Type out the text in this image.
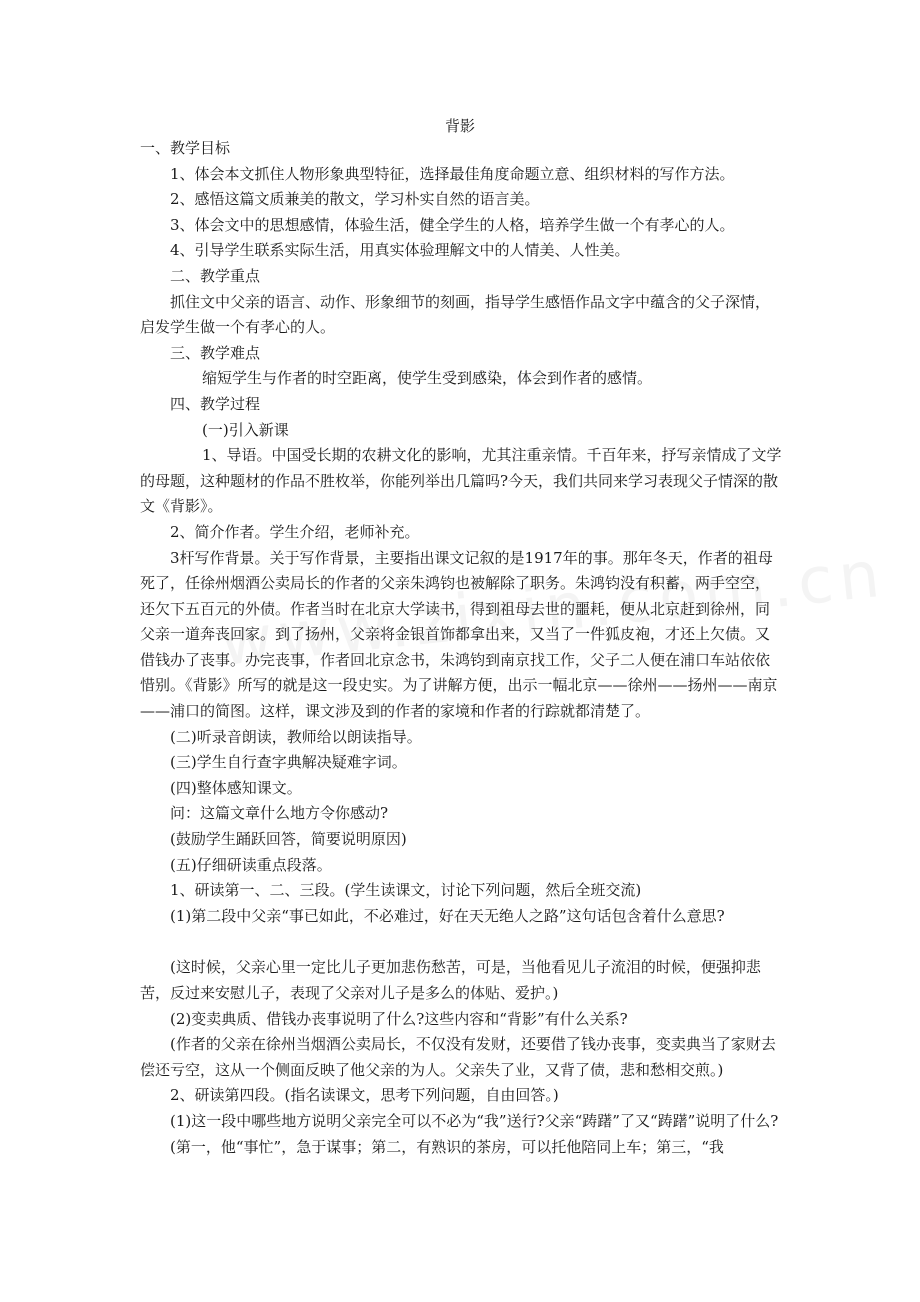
背影
一、教学目标
1、体会本文抓住人物形象典型特征，选择最佳角度命题立意、组织材料的写作方法。
2、感悟这篇文质兼美的散文，学习朴实自然的语言美。
3、体会文中的思想感情，体验生活，健全学生的人格，培养学生做一个有孝心的人。
4、引导学生联系实际生活，用真实体验理解文中的人情美、人性美。
二、教学重点
抓住文中父亲的语言、动作、形象细节的刻画，指导学生感悟作品文字中蕴含的父子深情，启发学生做一个有孝心的人。
三、教学难点
缩短学生与作者的时空距离，使学生受到感染，体会到作者的感情。
四、教学过程
(一)引入新课
1、导语。中国受长期的农耕文化的影响，尤其注重亲情。千百年来，抒写亲情成了文学的母题，这种题材的作品不胜枚举，你能列举出几篇吗?今天，我们共同来学习表现父子情深的散文《背影》。
2、简介作者。学生介绍，老师补充。
3杆写作背景。关于写作背景，主要指出课文记叙的是1917年的事。那年冬天，作者的祖母死了，任徐州烟酒公卖局长的作者的父亲朱鸿钧也被解除了职务。朱鸿钧没有积蓄，两手空空，还欠下五百元的外债。作者当时在北京大学读书，得到祖母去世的噩耗，便从北京赶到徐州，同父亲一道奔丧回家。到了扬州，父亲将金银首饰都拿出来，又当了一件狐皮袍，才还上欠债。又借钱办了丧事。办完丧事，作者回北京念书，朱鸿钧到南京找工作，父子二人便在浦口车站依依惜别。《背影》所写的就是这一段史实。为了讲解方便，出示一幅北京——徐州——扬州——南京——浦口的简图。这样，课文涉及到的作者的家境和作者的行踪就都清楚了。
(二)听录音朗读，教师给以朗读指导。
(三)学生自行查字典解决疑难字词。
(四)整体感知课文。
问：这篇文章什么地方令你感动?
(鼓励学生踊跃回答，简要说明原因)
(五)仔细研读重点段落。
1、研读第一、二、三段。(学生读课文，讨论下列问题，然后全班交流)
(1)第二段中父亲“事已如此，不必难过，好在天无绝人之路”这句话包含着什么意思?
(这时候，父亲心里一定比儿子更加悲伤愁苦，可是，当他看见儿子流泪的时候，便强抑悲苦，反过来安慰儿子，表现了父亲对儿子是多么的体贴、爱护。)
(2)变卖典质、借钱办丧事说明了什么?这些内容和“背影”有什么关系?
(作者的父亲在徐州当烟酒公卖局长，不仅没有发财，还要借了钱办丧事，变卖典当了家财去偿还亏空，这从一个侧面反映了他父亲的为人。父亲失了业，又背了债，悲和愁相交煎。)
2、研读第四段。(指名读课文，思考下列问题，自由回答。)
(1)这一段中哪些地方说明父亲完全可以不必为“我”送行?父亲“踌躇”了又“踌躇”说明了什么?
(第一，他“事忙”，急于谋事；第二，有熟识的茶房，可以托他陪同上车；第三，“我
